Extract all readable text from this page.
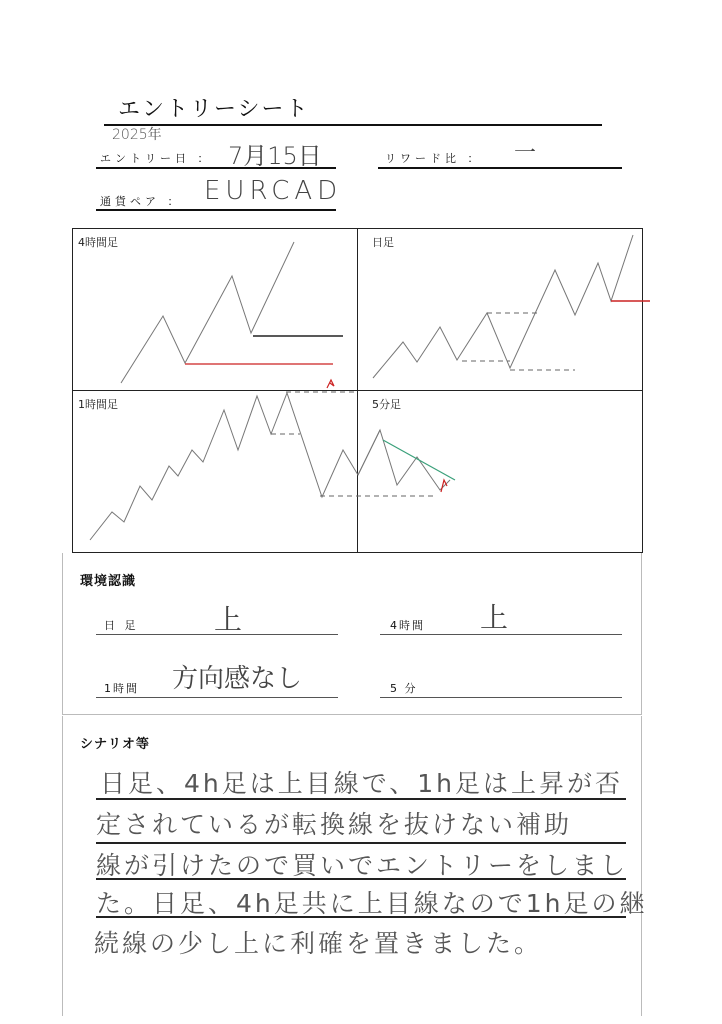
エントリーシート
2025年
エントリー日 ： 7月15日	リワード比 ： 一
通貨ペア ： EURCAD
4時間足	日足
1時間足	5分足
環境認識
日 足	上	4時間 上
1時間 方向感なし	5 分
シナリオ等
日足、4h足は上目線で、1h足は上昇が否
定されているが転換線を抜けない補助
線が引けたので買いでエントリーをしまし
た。日足、4h足共に上目線なので1h足の継
続線の少し上に利確を置きました。
